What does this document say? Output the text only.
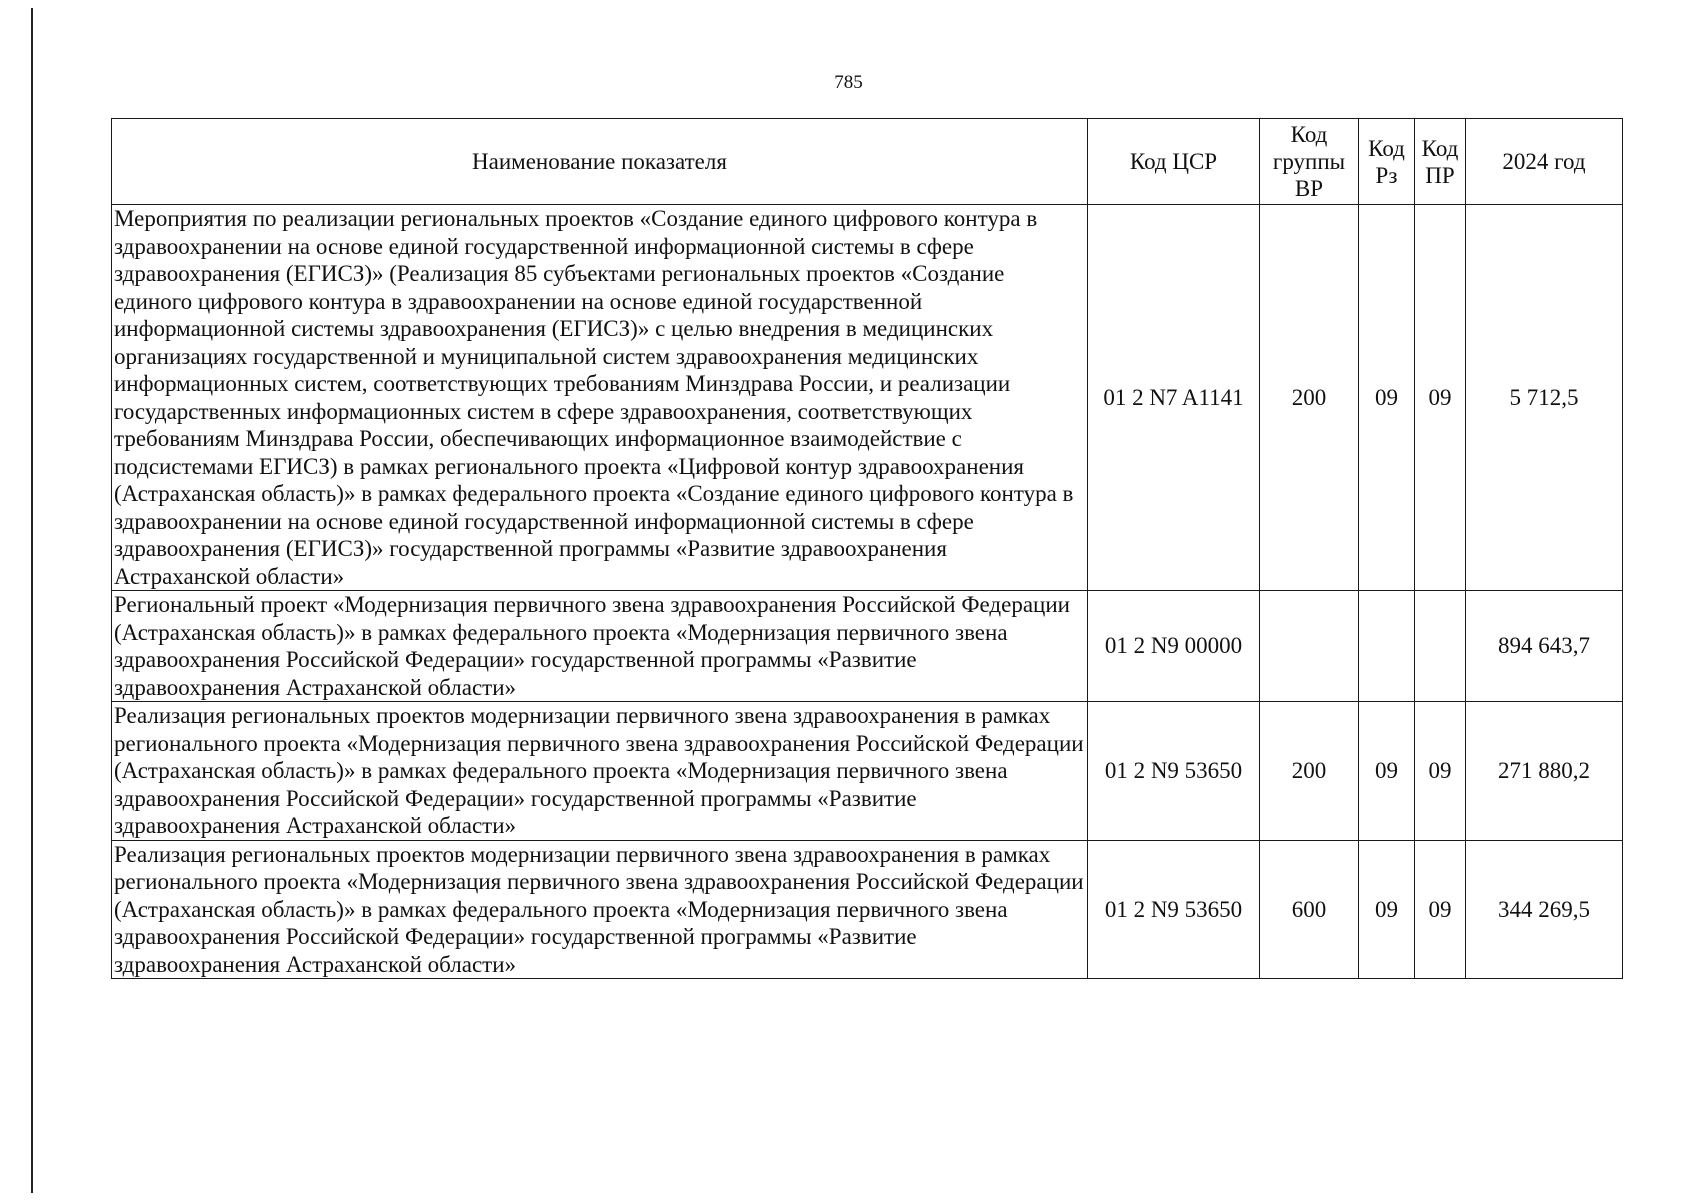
785
Наименование показателя	Код ЦСР	Код группы ВР	Код Рз	Код ПР	2024 год
Мероприятия по реализации региональных проектов «Создание единого цифрового контура в здравоохранении на основе единой государственной информационной системы в сфере здравоохранения (ЕГИСЗ)» (Реализация 85 субъектами региональных проектов «Создание единого цифрового контура в здравоохранении на основе единой государственной информационной системы здравоохранения (ЕГИСЗ)» с целью внедрения в медицинских организациях государственной и муниципальной систем здравоохранения медицинских информационных систем, соответствующих требованиям Минздрава России, и реализации государственных информационных систем в сфере здравоохранения, соответствующих требованиям Минздрава России, обеспечивающих информационное взаимодействие с подсистемами ЕГИСЗ) в рамках регионального проекта «Цифровой контур здравоохранения (Астраханская область)» в рамках федерального проекта «Создание единого цифрового контура в здравоохранении на основе единой государственной информационной системы в сфере здравоохранения (ЕГИСЗ)» государственной программы «Развитие здравоохранения Астраханской области»	01 2 N7 A1141	200	09	09	5 712,5
Региональный проект «Модернизация первичного звена здравоохранения Российской Федерации (Астраханская область)» в рамках федерального проекта «Модернизация первичного звена здравоохранения Российской Федерации» государственной программы «Развитие здравоохранения Астраханской области»	01 2 N9 00000				894 643,7
Реализация региональных проектов модернизации первичного звена здравоохранения в рамках регионального проекта «Модернизация первичного звена здравоохранения Российской Федерации (Астраханская область)» в рамках федерального проекта «Модернизация первичного звена здравоохранения Российской Федерации» государственной программы «Развитие здравоохранения Астраханской области»	01 2 N9 53650	200	09	09	271 880,2
Реализация региональных проектов модернизации первичного звена здравоохранения в рамках регионального проекта «Модернизация первичного звена здравоохранения Российской Федерации (Астраханская область)» в рамках федерального проекта «Модернизация первичного звена здравоохранения Российской Федерации» государственной программы «Развитие здравоохранения Астраханской области»	01 2 N9 53650	600	09	09	344 269,5
